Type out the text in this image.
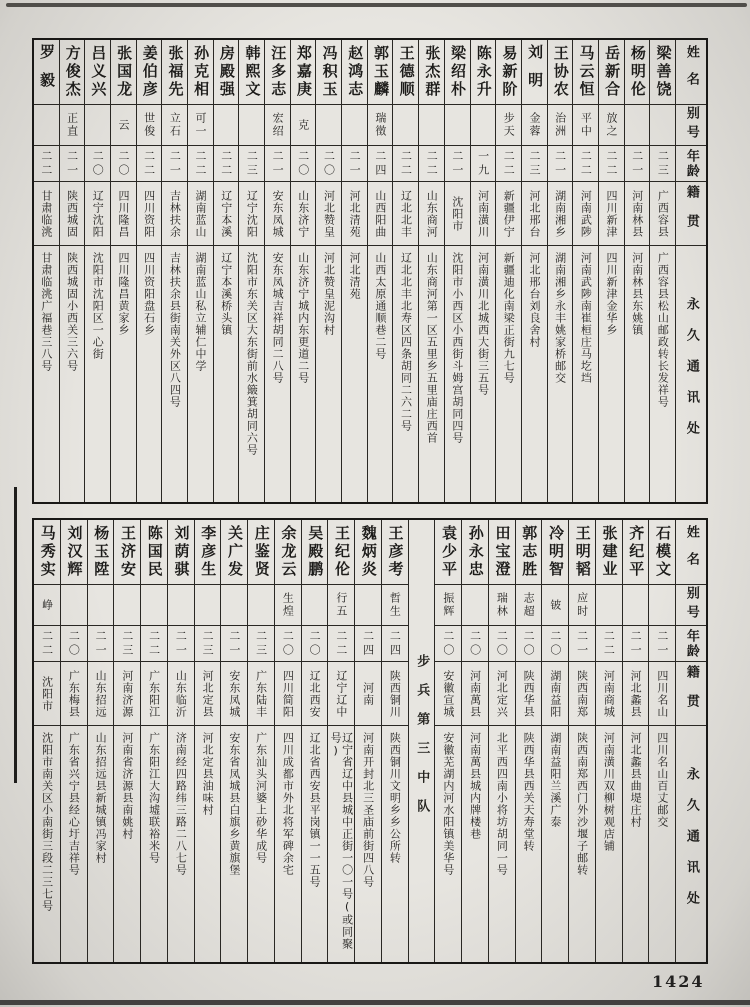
姓名
别号
年龄
籍贯
永久通讯处
梁善饶
二三
广西容县
广西容县松山邮政转长发祥号
杨明伦
二一
河南林县
河南林县东姚镇
岳新合
放之
二二
四川新津
四川新津金华乡
马云恒
平中
二二
河南武陟
河南武陟南崔桓庄马圪垱
王协农
治洲
二一
湖南湘乡
湖南湘乡永丰姚家桥邮交
刘明
金蓉
二三
河北邢台
河北邢台刘良舍村
易新阶
步天
二二
新疆伊宁
新疆迪化南梁正街九七号
陈永升
一九
河南潢川
河南潢川北城西大街三五号
梁绍朴
二一
沈阳市
沈阳市小西区小西街斗姆宫胡同四号
张杰群
二二
山东商河
山东商河第一区五里乡五里庙庄西首
王德顺
二二
辽北北丰
辽北北丰北寿区四条胡同二六二号
郭玉麟
瑞徵
二四
山西阳曲
山西太原通顺巷二号
赵鸿志
二一
河北清苑
河北清苑
冯积玉
二〇
河北赞皇
河北赞皇泥沟村
郑嘉庚
克
二〇
山东济宁
山东济宁城内东更道二号
汪多志
宏绍
二一
安东凤城
安东凤城吉祥胡同二八号
韩熙文
二三
辽宁沈阳
沈阳市东关区大东街前水簸箕胡同六号
房殿强
二二
辽宁本溪
辽宁本溪桥头镇
孙克相
可一
二二
湖南蓝山
湖南蓝山私立辅仁中学
张福先
立石
二一
吉林扶余
吉林扶余县街南关外区八四号
姜伯彦
世俊
二二
四川资阳
四川资阳盘石乡
张国龙
云
二〇
四川隆昌
四川隆昌黄家乡
吕义兴
二〇
辽宁沈阳
沈阳市沈阳区一心街
方俊杰
正直
二一
陕西城固
陕西城固小西关三六号
罗毅
二二
甘肃临洮
甘肃临洮广福巷三八号
姓名
别号
年龄
籍贯
永久通讯处
石模文
二一
四川名山
四川名山百丈邮交
齐纪平
二一
河北蠡县
河北蠡县曲堤庄村
张建业
二二
河南商城
河南潢川双柳树观店铺
王明韬
应时
二一
陕西南郑
陕西南郑西门外沙堰子邮转
冷明智
铍
二〇
湖南益阳
湖南益阳兰溪广泰
郭志胜
志超
二〇
陕西华县
陕西华县西关天寿堂转
田宝澄
瑞林
二〇
河北定兴
北平西四南小将坊胡同一号
孙永忠
二〇
河南萬县
河南萬县城内牌楼巷
袁少平
振辉
二〇
安徽宣城
安徽芜湖内河水阳镇美华号
步兵第三中队
王彦考
哲生
二四
陕西铜川
陕西铜川文明乡乡公所转
魏炳炎
二四
河南
河南开封北三圣庙前街四八号
王纪伦
行五
二二
辽宁辽中
辽宁省辽中县城中正街一〇一号(或同聚号)
吴殿鹏
二〇
辽北西安
辽北省西安县平岗镇一一五号
余龙云
生煌
二〇
四川简阳
四川成都市外北将军碑余宅
庄鉴贤
二三
广东陆丰
广东汕头河婆上砂华成号
关广发
二一
安东凤城
安东省凤城县白旗乡黄旗堡
李彦生
二三
河北定县
河北定县油味村
刘荫骐
二一
山东临沂
济南经四路纬三路二八七号
陈国民
二二
广东阳江
广东阳江大沟墟联裕米号
王济安
二三
河南济源
河南省济源县南姚村
杨玉陞
二一
山东招远
山东招远县新城镇冯家村
刘汉辉
二〇
广东梅县
广东省兴宁县经心圩吉祥号
马秀实
峥
二二
沈阳市
沈阳市南关区小南街三段二三七号
1424
